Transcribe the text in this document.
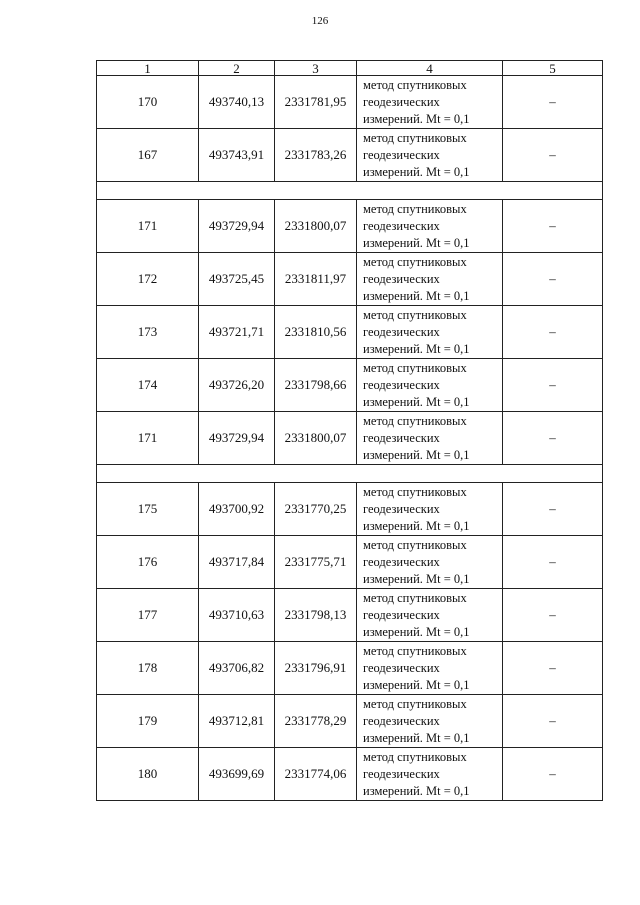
126
1	2	3	4	5
170	493740,13	2331781,95	метод спутниковых
геодезических
измерений. Mt = 0,1	–
167	493743,91	2331783,26	метод спутниковых
геодезических
измерений. Mt = 0,1	–

171	493729,94	2331800,07	метод спутниковых
геодезических
измерений. Mt = 0,1	–
172	493725,45	2331811,97	метод спутниковых
геодезических
измерений. Mt = 0,1	–
173	493721,71	2331810,56	метод спутниковых
геодезических
измерений. Mt = 0,1	–
174	493726,20	2331798,66	метод спутниковых
геодезических
измерений. Mt = 0,1	–
171	493729,94	2331800,07	метод спутниковых
геодезических
измерений. Mt = 0,1	–

175	493700,92	2331770,25	метод спутниковых
геодезических
измерений. Mt = 0,1	–
176	493717,84	2331775,71	метод спутниковых
геодезических
измерений. Mt = 0,1	–
177	493710,63	2331798,13	метод спутниковых
геодезических
измерений. Mt = 0,1	–
178	493706,82	2331796,91	метод спутниковых
геодезических
измерений. Mt = 0,1	–
179	493712,81	2331778,29	метод спутниковых
геодезических
измерений. Mt = 0,1	–
180	493699,69	2331774,06	метод спутниковых
геодезических
измерений. Mt = 0,1	–
